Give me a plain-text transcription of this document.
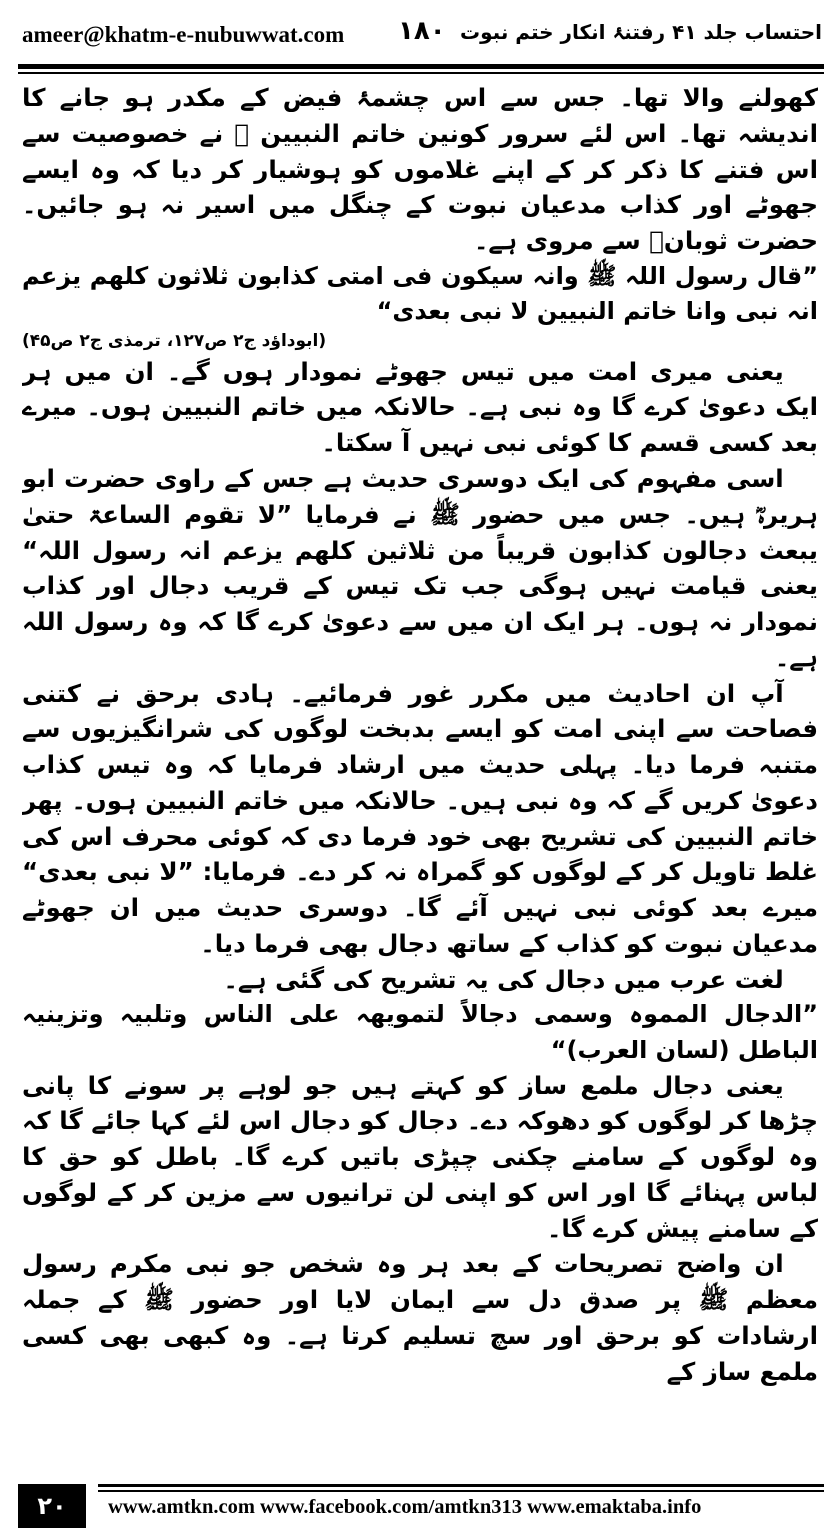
ameer@khatm-e-nubuwwat.com ۱۸۰ احتساب جلد ۴۱ رفتنۂ انکار ختم نبوت

کھولنے والا تھا۔ جس سے اس چشمۂ فیض کے مکدر ہو جانے کا اندیشہ تھا۔ اس لئے سرور کونین خاتم النبیین ﷺ نے خصوصیت سے اس فتنے کا ذکر کر کے اپنے غلاموں کو ہوشیار کر دیا کہ وہ ایسے جھوٹے اور کذاب مدعیان نبوت کے چنگل میں اسیر نہ ہو جائیں۔ حضرت ثوبانؓ سے مروی ہے۔

”قال رسول اللہ ﷺ وانہ سیکون فی امتی کذابون ثلاثون کلھم یزعم انہ نبی وانا خاتم النبیین لا نبی بعدی“

(ابوداؤد ج۲ ص۱۲۷، ترمذی ج۲ ص۴۵)

یعنی میری امت میں تیس جھوٹے نمودار ہوں گے۔ ان میں ہر ایک دعویٰ کرے گا وہ نبی ہے۔ حالانکہ میں خاتم النبیین ہوں۔ میرے بعد کسی قسم کا کوئی نبی نہیں آ سکتا۔

اسی مفہوم کی ایک دوسری حدیث ہے جس کے راوی حضرت ابو ہریرہؓ ہیں۔ جس میں حضور ﷺ نے فرمایا ”لا تقوم الساعۃ حتیٰ یبعث دجالون کذابون قریباً من ثلاثین کلھم یزعم انہ رسول اللہ“ یعنی قیامت نہیں ہوگی جب تک تیس کے قریب دجال اور کذاب نمودار نہ ہوں۔ ہر ایک ان میں سے دعویٰ کرے گا کہ وہ رسول اللہ ہے۔

آپ ان احادیث میں مکرر غور فرمائیے۔ ہادی برحق نے کتنی فصاحت سے اپنی امت کو ایسے بدبخت لوگوں کی شرانگیزیوں سے متنبہ فرما دیا۔ پہلی حدیث میں ارشاد فرمایا کہ وہ تیس کذاب دعویٰ کریں گے کہ وہ نبی ہیں۔ حالانکہ میں خاتم النبیین ہوں۔ پھر خاتم النبیین کی تشریح بھی خود فرما دی کہ کوئی محرف اس کی غلط تاویل کر کے لوگوں کو گمراہ نہ کر دے۔ فرمایا: ”لا نبی بعدی“ میرے بعد کوئی نبی نہیں آئے گا۔ دوسری حدیث میں ان جھوٹے مدعیان نبوت کو کذاب کے ساتھ دجال بھی فرما دیا۔

لغت عرب میں دجال کی یہ تشریح کی گئی ہے۔

”الدجال المموہ وسمی دجالاً لتمویھہ علی الناس وتلبیہ وتزینیہ الباطل (لسان العرب)“

یعنی دجال ملمع ساز کو کہتے ہیں جو لوہے پر سونے کا پانی چڑھا کر لوگوں کو دھوکہ دے۔ دجال کو دجال اس لئے کہا جائے گا کہ وہ لوگوں کے سامنے چکنی چپڑی باتیں کرے گا۔ باطل کو حق کا لباس پہنائے گا اور اس کو اپنی لن ترانیوں سے مزین کر کے لوگوں کے سامنے پیش کرے گا۔

ان واضح تصریحات کے بعد ہر وہ شخص جو نبی مکرم رسول معظم ﷺ پر صدق دل سے ایمان لایا اور حضور ﷺ کے جملہ ارشادات کو برحق اور سچ تسلیم کرتا ہے۔ وہ کبھی بھی کسی ملمع ساز کے

۲۰	www.amtkn.com www.facebook.com/amtkn313 www.emaktaba.info
